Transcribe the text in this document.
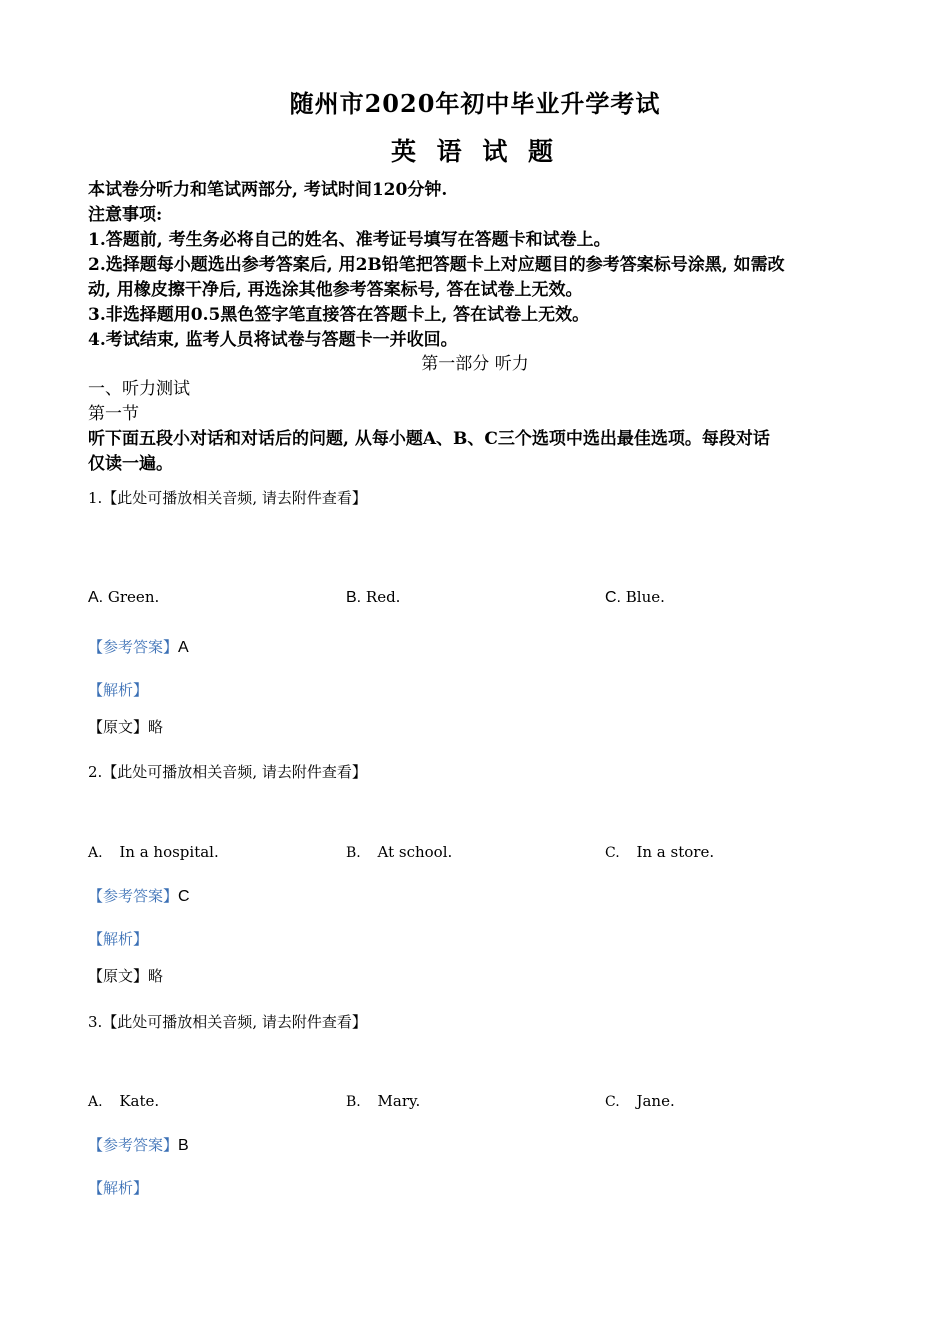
随州市2020年初中毕业升学考试
英 语 试 题
本试卷分听力和笔试两部分, 考试时间120分钟.
注意事项:
1.答题前, 考生务必将自己的姓名、准考证号填写在答题卡和试卷上。
2.选择题每小题选出参考答案后, 用2B铅笔把答题卡上对应题目的参考答案标号涂黑, 如需改
动, 用橡皮擦干净后, 再选涂其他参考答案标号, 答在试卷上无效。
3.非选择题用0.5黑色签字笔直接答在答题卡上, 答在试卷上无效。
4.考试结束, 监考人员将试卷与答题卡一并收回。
第一部分 听力
一、听力测试
第一节
听下面五段小对话和对话后的问题, 从每小题A、B、C三个选项中选出最佳选项。每段对话
仅读一遍。
1.【此处可播放相关音频, 请去附件查看】
A. Green.	B. Red.	C. Blue.
【参考答案】A
【解析】
【原文】略
2.【此处可播放相关音频, 请去附件查看】
A. In a hospital.	B. At school.	C. In a store.
【参考答案】C
【解析】
【原文】略
3.【此处可播放相关音频, 请去附件查看】
A. Kate.	B. Mary.	C. Jane.
【参考答案】B
【解析】
